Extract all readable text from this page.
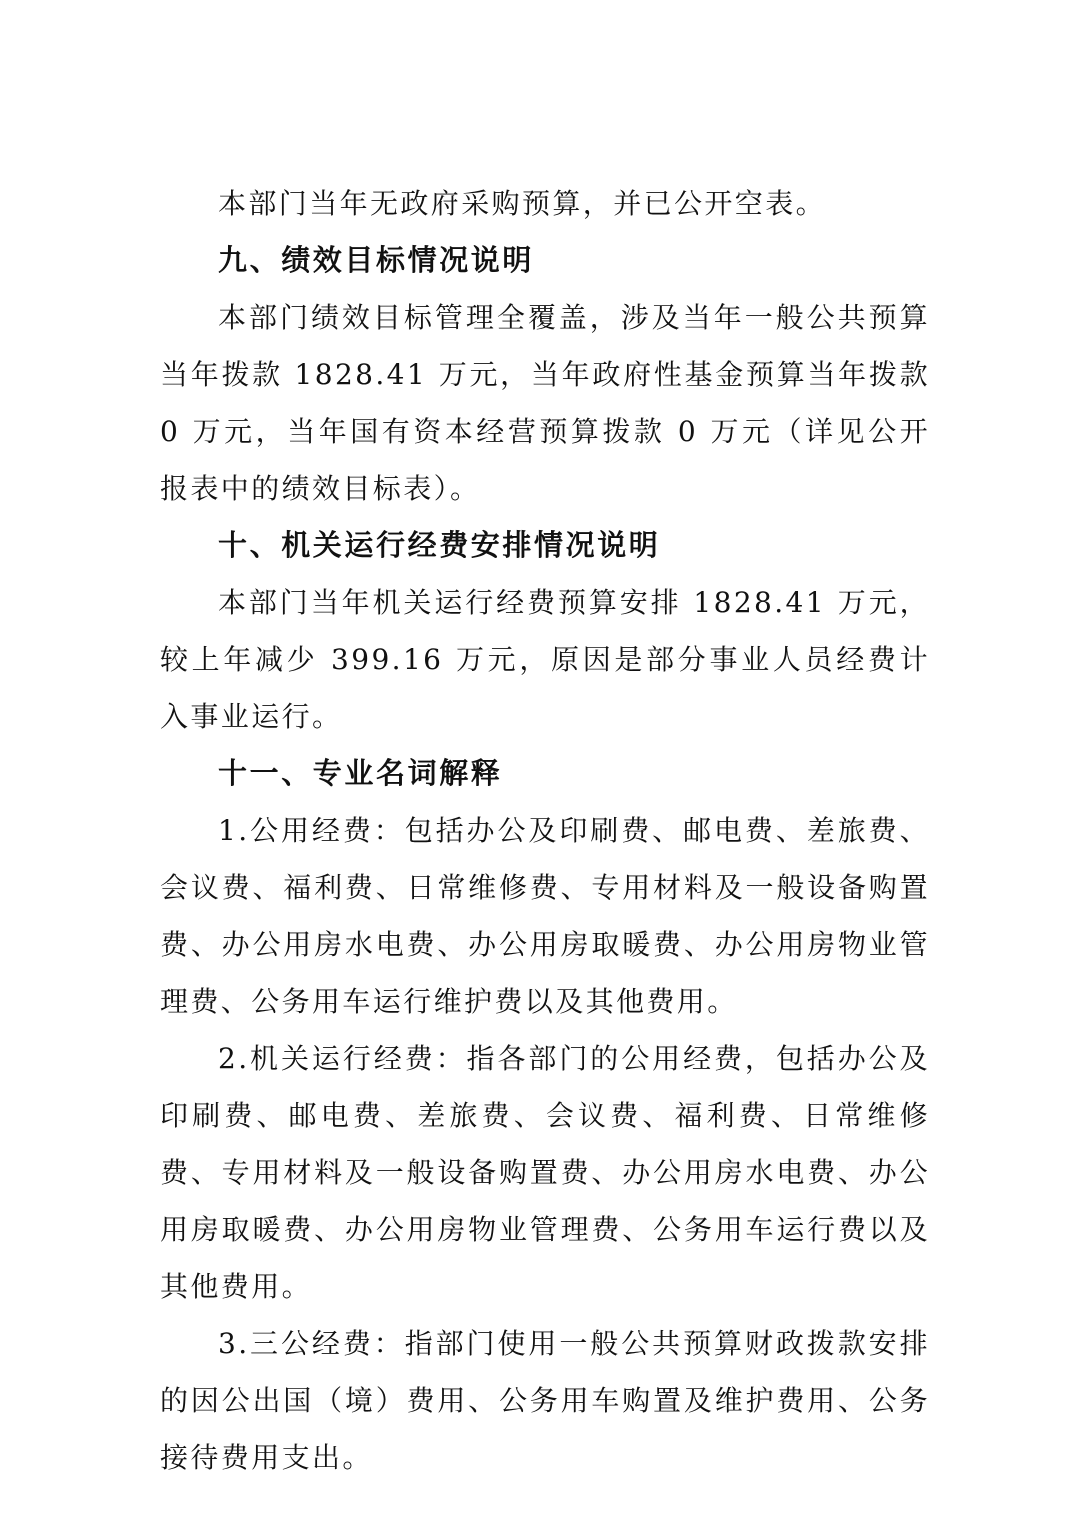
本部门当年无政府采购预算，并已公开空表。

九、绩效目标情况说明

本部门绩效目标管理全覆盖，涉及当年一般公共预算当年拨款 1828.41 万元，当年政府性基金预算当年拨款 0 万元，当年国有资本经营预算拨款 0 万元（详见公开报表中的绩效目标表）。

十、机关运行经费安排情况说明

本部门当年机关运行经费预算安排 1828.41 万元，较上年减少 399.16 万元，原因是部分事业人员经费计入事业运行。

十一、专业名词解释

1.公用经费：包括办公及印刷费、邮电费、差旅费、会议费、福利费、日常维修费、专用材料及一般设备购置费、办公用房水电费、办公用房取暖费、办公用房物业管理费、公务用车运行维护费以及其他费用。

2.机关运行经费：指各部门的公用经费，包括办公及印刷费、邮电费、差旅费、会议费、福利费、日常维修费、专用材料及一般设备购置费、办公用房水电费、办公用房取暖费、办公用房物业管理费、公务用车运行费以及其他费用。

3.三公经费：指部门使用一般公共预算财政拨款安排的因公出国（境）费用、公务用车购置及维护费用、公务接待费用支出。
